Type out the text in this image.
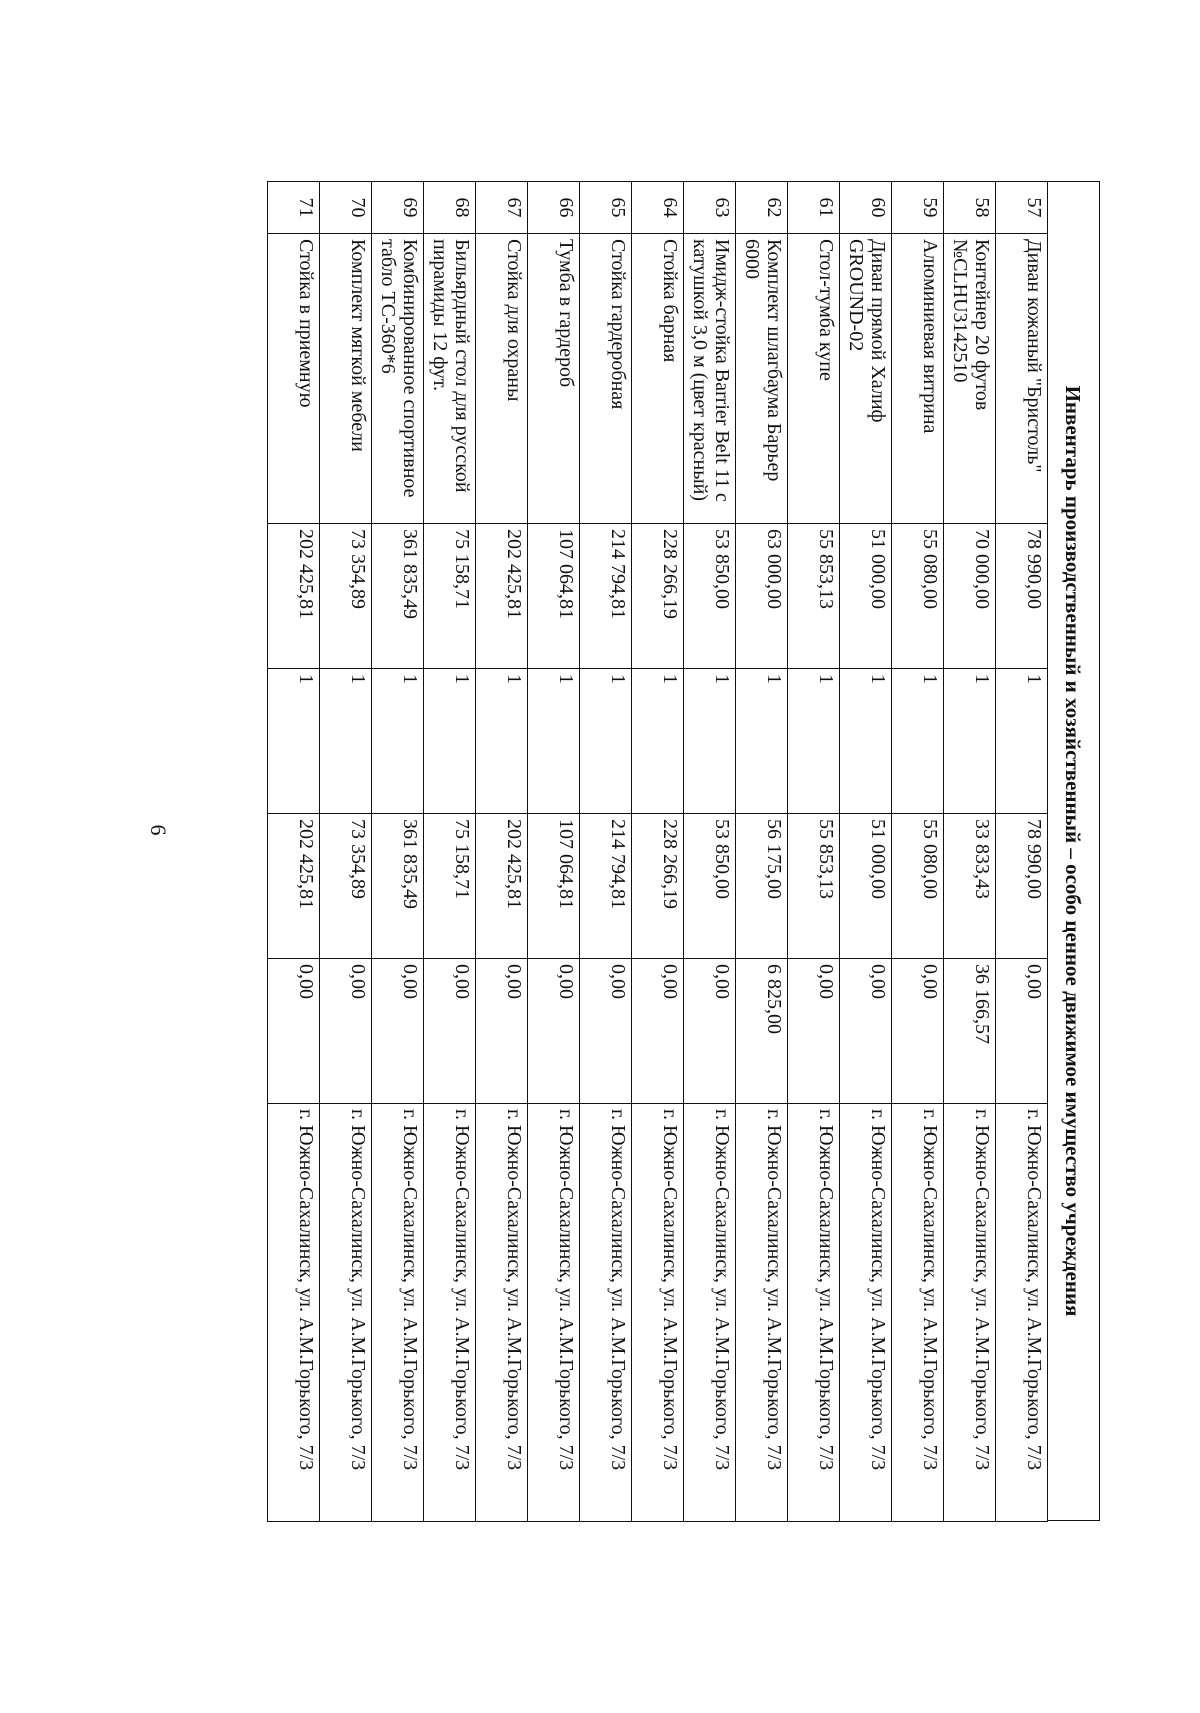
6	Инвентарь производственный и хозяйственный – особо ценное движимое имущество учреждения
57	Диван кожаный "Бристоль"	78 990,00	1	78 990,00	0,00	г. Южно-Сахалинск, ул. А.М.Горького, 7/3
58	Контейнер 20 футов №CLHU3142510	70 000,00	1	33 833,43	36 166,57	г. Южно-Сахалинск, ул. А.М.Горького, 7/3
59	Алюминиевая витрина	55 080,00	1	55 080,00	0,00	г. Южно-Сахалинск, ул. А.М.Горького, 7/3
60	Диван прямой Халиф GROUND-02	51 000,00	1	51 000,00	0,00	г. Южно-Сахалинск, ул. А.М.Горького, 7/3
61	Стол-тумба купе	55 853,13	1	55 853,13	0,00	г. Южно-Сахалинск, ул. А.М.Горького, 7/3
62	Комплект шлагбаума Барьер 6000	63 000,00	1	56 175,00	6 825,00	г. Южно-Сахалинск, ул. А.М.Горького, 7/3
63	Имидж-стойка Barrier Belt 11 с катушкой 3,0 м (цвет красный)	53 850,00	1	53 850,00	0,00	г. Южно-Сахалинск, ул. А.М.Горького, 7/3
64	Стойка барная	228 266,19	1	228 266,19	0,00	г. Южно-Сахалинск, ул. А.М.Горького, 7/3
65	Стойка гардеробная	214 794,81	1	214 794,81	0,00	г. Южно-Сахалинск, ул. А.М.Горького, 7/3
66	Тумба в гардероб	107 064,81	1	107 064,81	0,00	г. Южно-Сахалинск, ул. А.М.Горького, 7/3
67	Стойка для охраны	202 425,81	1	202 425,81	0,00	г. Южно-Сахалинск, ул. А.М.Горького, 7/3
68	Бильярдный стол для русской пирамиды 12 фут.	75 158,71	1	75 158,71	0,00	г. Южно-Сахалинск, ул. А.М.Горького, 7/3
69	Комбинированное спортивное табло TC-360*6	361 835,49	1	361 835,49	0,00	г. Южно-Сахалинск, ул. А.М.Горького, 7/3
70	Комплект мягкой мебели	73 354,89	1	73 354,89	0,00	г. Южно-Сахалинск, ул. А.М.Горького, 7/3
71	Стойка в приемную	202 425,81	1	202 425,81	0,00	г. Южно-Сахалинск, ул. А.М.Горького, 7/3
